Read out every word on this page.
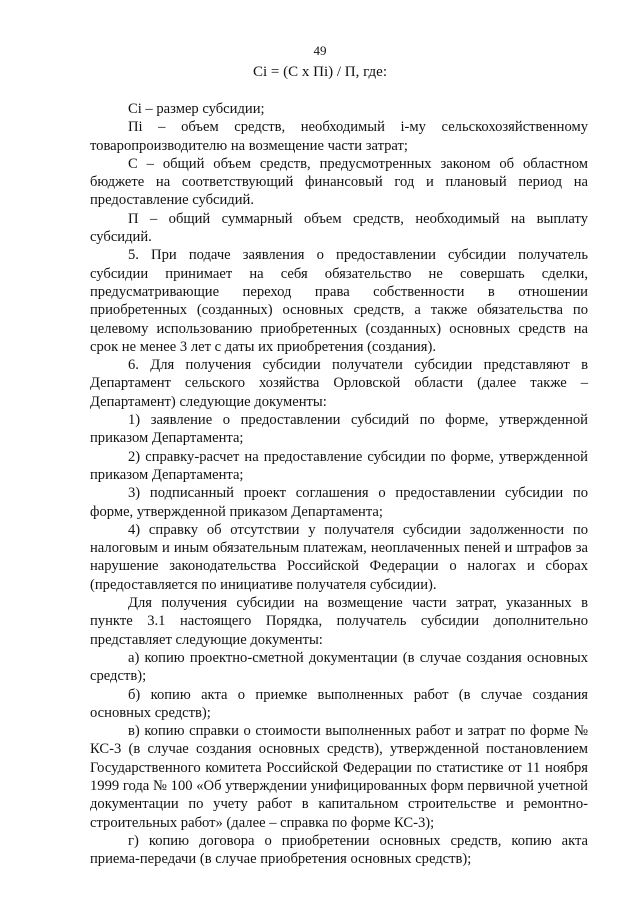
49
Ci = (C x Пi) / П, где:

Ci – размер субсидии;

Пi – объем средств, необходимый i-му сельскохозяйственному товаропроизводителю на возмещение части затрат;

С – общий объем средств, предусмотренных законом об областном бюджете на соответствующий финансовый год и плановый период на предоставление субсидий.

П – общий суммарный объем средств, необходимый на выплату субсидий.

5. При подаче заявления о предоставлении субсидии получатель субсидии принимает на себя обязательство не совершать сделки, предусматривающие переход права собственности в отношении приобретенных (созданных) основных средств, а также обязательства по целевому использованию приобретенных (созданных) основных средств на срок не менее 3 лет с даты их приобретения (создания).

6. Для получения субсидии получатели субсидии представляют в Департамент сельского хозяйства Орловской области (далее также – Департамент) следующие документы:

1) заявление о предоставлении субсидий по форме, утвержденной приказом Департамента;

2) справку-расчет на предоставление субсидии по форме, утвержденной приказом Департамента;

3) подписанный проект соглашения о предоставлении субсидии по форме, утвержденной приказом Департамента;

4) справку об отсутствии у получателя субсидии задолженности по налоговым и иным обязательным платежам, неоплаченных пеней и штрафов за нарушение законодательства Российской Федерации о налогах и сборах (предоставляется по инициативе получателя субсидии).

Для получения субсидии на возмещение части затрат, указанных в пункте 3.1 настоящего Порядка, получатель субсидии дополнительно представляет следующие документы:

а) копию проектно-сметной документации (в случае создания основных средств);

б) копию акта о приемке выполненных работ (в случае создания основных средств);

в) копию справки о стоимости выполненных работ и затрат по форме № КС-3 (в случае создания основных средств), утвержденной постановлением Государственного комитета Российской Федерации по статистике от 11 ноября 1999 года № 100 «Об утверждении унифицированных форм первичной учетной документации по учету работ в капитальном строительстве и ремонтно-строительных работ» (далее – справка по форме КС-3);

г) копию договора о приобретении основных средств, копию акта приема-передачи (в случае приобретения основных средств);
